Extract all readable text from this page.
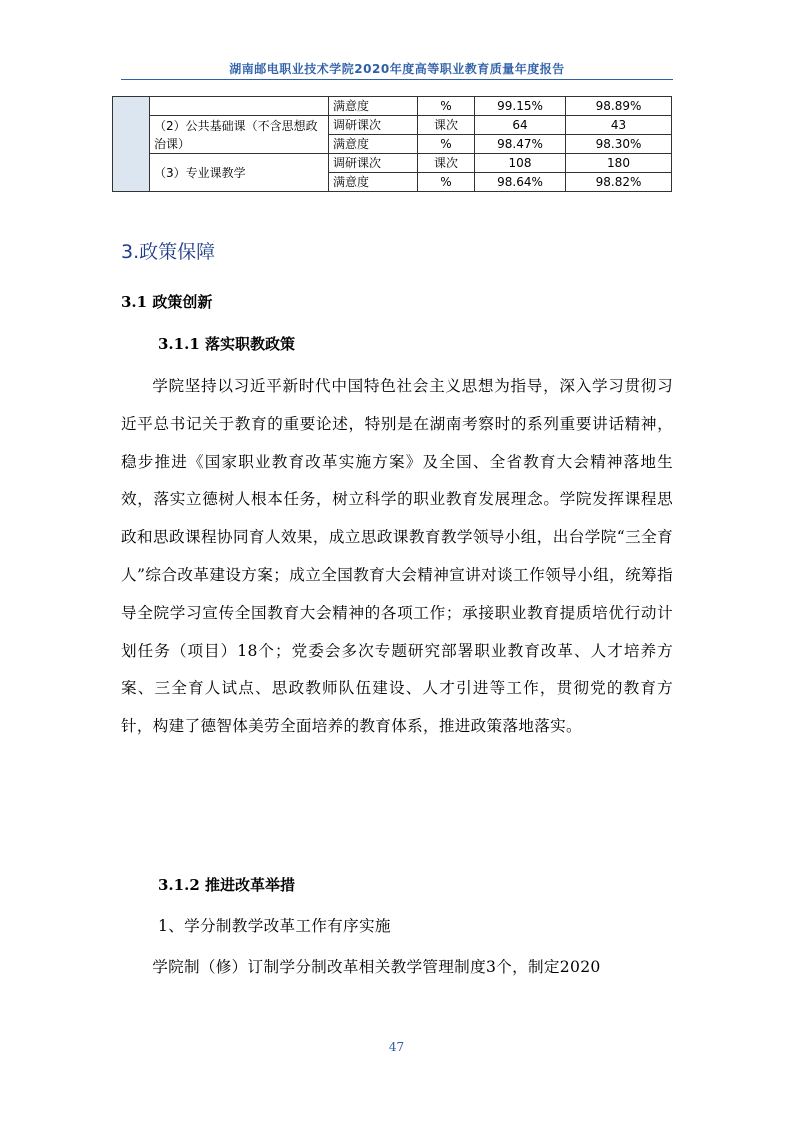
湖南邮电职业技术学院2020年度高等职业教育质量年度报告
		满意度	%	99.15%	98.89%
	（2）公共基础课（不含思想政治课）	调研课次	课次	64	43
		满意度	%	98.47%	98.30%
	（3）专业课教学	调研课次	课次	108	180
		满意度	%	98.64%	98.82%
3.政策保障
3.1 政策创新
3.1.1 落实职教政策
学院坚持以习近平新时代中国特色社会主义思想为指导，深入学习贯彻习近平总书记关于教育的重要论述，特别是在湖南考察时的系列重要讲话精神，稳步推进《国家职业教育改革实施方案》及全国、全省教育大会精神落地生效，落实立德树人根本任务，树立科学的职业教育发展理念。学院发挥课程思政和思政课程协同育人效果，成立思政课教育教学领导小组，出台学院“三全育人”综合改革建设方案；成立全国教育大会精神宣讲对谈工作领导小组，统筹指导全院学习宣传全国教育大会精神的各项工作；承接职业教育提质培优行动计划任务（项目）18个；党委会多次专题研究部署职业教育改革、人才培养方案、三全育人试点、思政教师队伍建设、人才引进等工作，贯彻党的教育方针，构建了德智体美劳全面培养的教育体系，推进政策落地落实。
3.1.2 推进改革举措
1、学分制教学改革工作有序实施
学院制（修）订制学分制改革相关教学管理制度3个，制定2020
47
